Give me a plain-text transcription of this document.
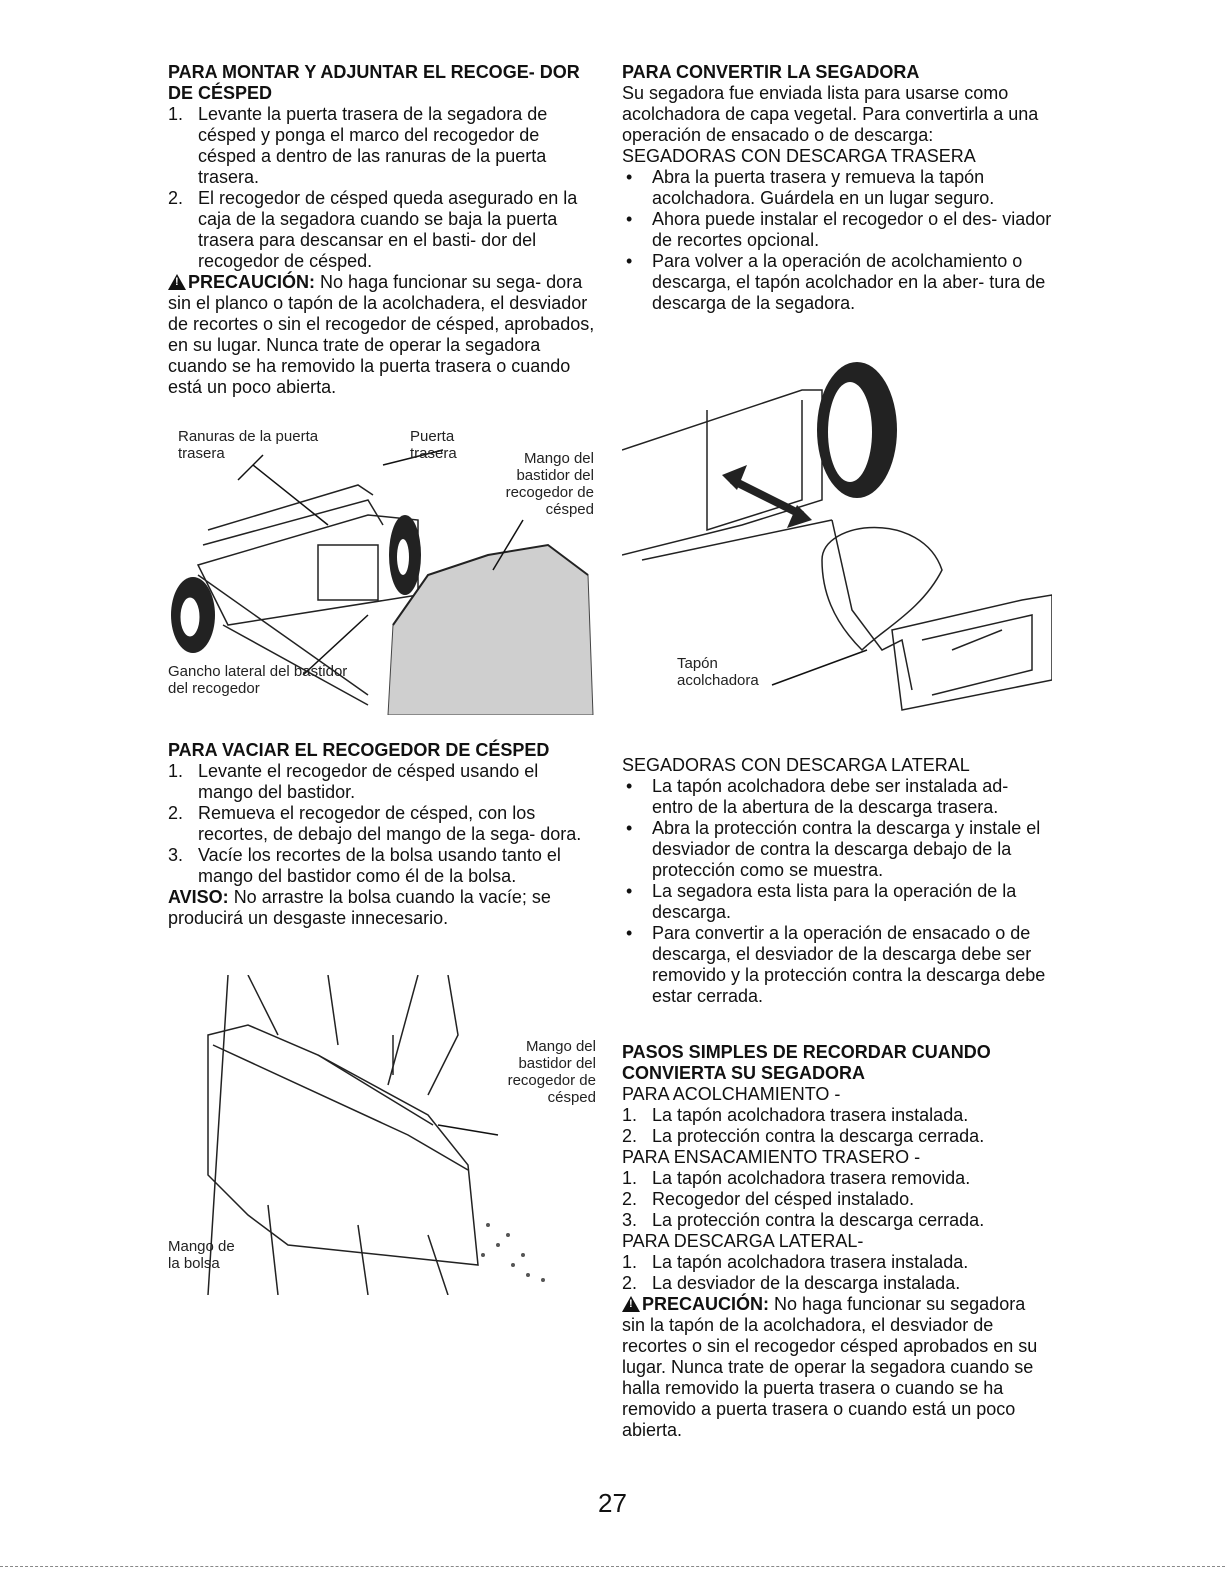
PARA MONTAR Y ADJUNTAR EL RECOGE- DOR DE CÉSPED

1. Levante la puerta trasera de la segadora de césped y ponga el marco del recogedor de césped a dentro de las ranuras de la puerta trasera.
2. El recogedor de césped queda asegurado en la caja de la segadora cuando se baja la puerta trasera para descansar en el basti- dor del recogedor de césped.

!PRECAUCIÓN: No haga funcionar su sega- dora sin el planco o tapón de la acolchadera, el desviador de recortes o sin el recogedor de césped, aprobados, en su lugar. Nunca trate de operar la segadora cuando se ha removido la puerta trasera o cuando está un poco abierta.

Ranuras de la puerta trasera
Puerta trasera	Mango del bastidor del recogedor de césped
Gancho lateral del bastidor del recogedor

PARA VACIAR EL RECOGEDOR DE CÉSPED

1. Levante el recogedor de césped usando el mango del bastidor.
2. Remueva el recogedor de césped, con los recortes, de debajo del mango de la sega- dora.
3. Vacíe los recortes de la bolsa usando tanto el mango del bastidor como él de la bolsa.

AVISO: No arrastre la bolsa cuando la vacíe; se producirá un desgaste innecesario.

Mango del bastidor del recogedor de césped
Mango de la bolsa

PARA CONVERTIR LA SEGADORA

Su segadora fue enviada lista para usarse como acolchadora de capa vegetal. Para convertirla a una operación de ensacado o de descarga:

SEGADORAS CON DESCARGA TRASERA

• Abra la puerta trasera y remueva la tapón acolchadora. Guárdela en un lugar seguro.
• Ahora puede instalar el recogedor o el des- viador de recortes opcional.
• Para volver a la operación de acolchamiento o descarga, el tapón acolchador en la aber- tura de descarga de la segadora.
Tapón acolchadora

SEGADORAS CON DESCARGA LATERAL

• La tapón acolchadora debe ser instalada ad- entro de la abertura de la descarga trasera.
• Abra la protección contra la descarga y instale el desviador de contra la descarga debajo de la protección como se muestra.
• La segadora esta lista para la operación de la descarga.
• Para convertir a la operación de ensacado o de descarga, el desviador de la descarga debe ser removido y la protección contra la descarga debe estar cerrada.

PASOS SIMPLES DE RECORDAR CUANDO CONVIERTA SU SEGADORA

PARA ACOLCHAMIENTO -

1. La tapón acolchadora trasera instalada.
2. La protección contra la descarga cerrada.

PARA ENSACAMIENTO TRASERO -

1. La tapón acolchadora trasera removida.
2. Recogedor del césped instalado.
3. La protección contra la descarga cerrada.

PARA DESCARGA LATERAL-

1. La tapón acolchadora trasera instalada.
2. La desviador de la descarga instalada.

!PRECAUCIÓN: No haga funcionar su segadora sin la tapón de la acolchadora, el desviador de recortes o sin el recogedor césped aprobados en su lugar. Nunca trate de operar la segadora cuando se halla removido la puerta trasera o cuando se ha removido a puerta trasera o cuando está un poco abierta.

27
